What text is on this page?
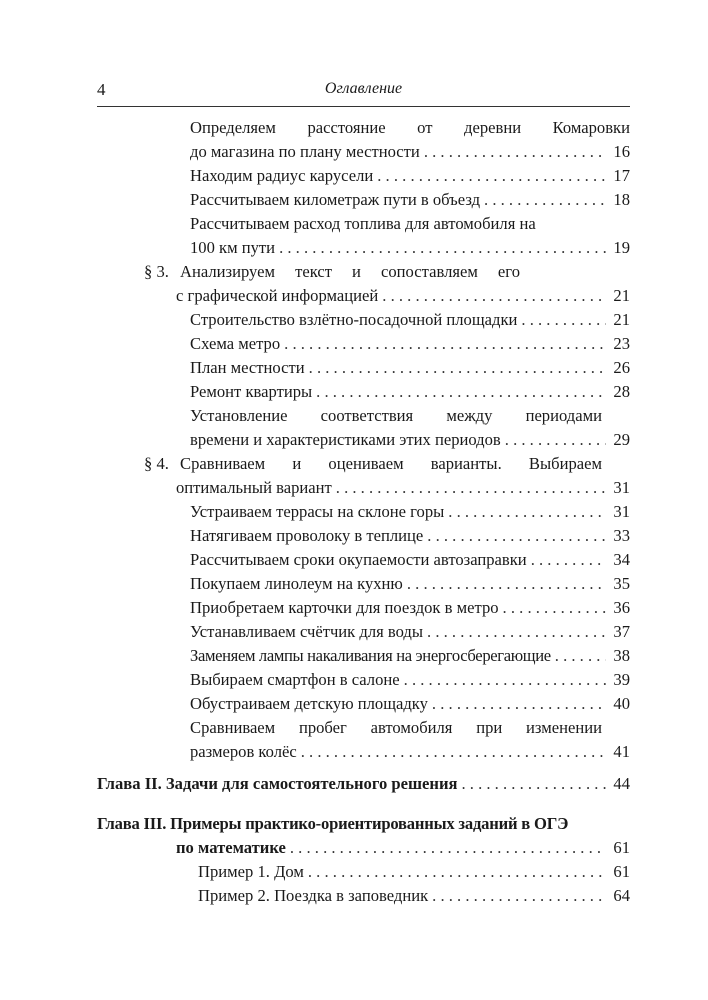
4	Оглавление
Определяем расстояние от деревни Комаровки
до магазина по плану местности . . .	16
Находим радиус карусели . . .	17
Рассчитываем километраж пути в объезд . . .	18
Рассчитываем расход топлива для автомобиля на
100 км пути . . .	19
§ 3. Анализируем текст и сопоставляем его
с графической информацией . . .	21
Строительство взлётно-посадочной площадки . . .	21
Схема метро . . .	23
План местности . . .	26
Ремонт квартиры . . .	28
Установление соответствия между периодами
времени и характеристиками этих периодов . . .	29
§ 4. Сравниваем и оцениваем варианты. Выбираем
оптимальный вариант . . .	31
Устраиваем террасы на склоне горы . . .	31
Натягиваем проволоку в теплице . . .	33
Рассчитываем сроки окупаемости автозаправки . . .	34
Покупаем линолеум на кухню . . .	35
Приобретаем карточки для поездок в метро . . .	36
Устанавливаем счётчик для воды . . .	37
Заменяем лампы накаливания на энергосберегающие . . .	38
Выбираем смартфон в салоне . . .	39
Обустраиваем детскую площадку . . .	40
Сравниваем пробег автомобиля при изменении
размеров колёс . . .	41
Глава II. Задачи для самостоятельного решения . . .	44
Глава III. Примеры практико-ориентированных заданий в ОГЭ
по математике . . .	61
Пример 1. Дом . . .	61
Пример 2. Поездка в заповедник . . .	64
